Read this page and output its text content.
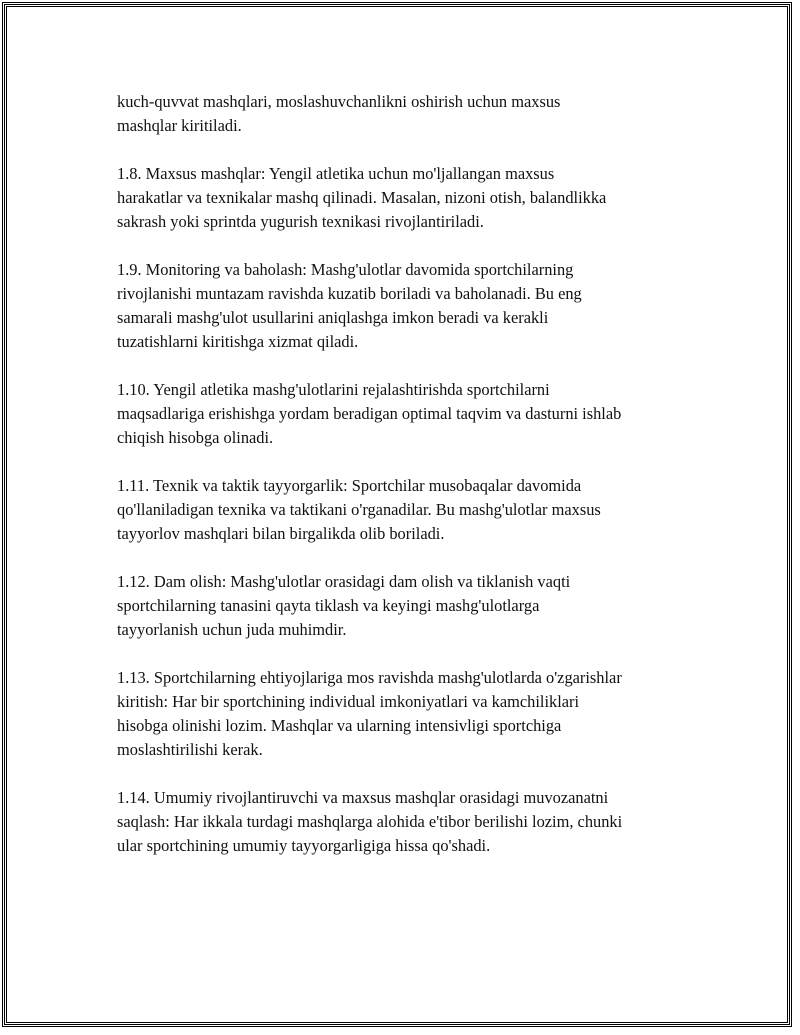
kuch-quvvat mashqlari, moslashuvchanlikni oshirish uchun maxsus
mashqlar kiritiladi.

1.8. Maxsus mashqlar: Yengil atletika uchun mo'ljallangan maxsus
harakatlar va texnikalar mashq qilinadi. Masalan, nizoni otish, balandlikka
sakrash yoki sprintda yugurish texnikasi rivojlantiriladi.

1.9. Monitoring va baholash: Mashg'ulotlar davomida sportchilarning
rivojlanishi muntazam ravishda kuzatib boriladi va baholanadi. Bu eng
samarali mashg'ulot usullarini aniqlashga imkon beradi va kerakli
tuzatishlarni kiritishga xizmat qiladi.

1.10. Yengil atletika mashg'ulotlarini rejalashtirishda sportchilarni
maqsadlariga erishishga yordam beradigan optimal taqvim va dasturni ishlab
chiqish hisobga olinadi.

1.11. Texnik va taktik tayyorgarlik: Sportchilar musobaqalar davomida
qo'llaniladigan texnika va taktikani o'rganadilar. Bu mashg'ulotlar maxsus
tayyorlov mashqlari bilan birgalikda olib boriladi.

1.12. Dam olish: Mashg'ulotlar orasidagi dam olish va tiklanish vaqti
sportchilarning tanasini qayta tiklash va keyingi mashg'ulotlarga
tayyorlanish uchun juda muhimdir.

1.13. Sportchilarning ehtiyojlariga mos ravishda mashg'ulotlarda o'zgarishlar
kiritish: Har bir sportchining individual imkoniyatlari va kamchiliklari
hisobga olinishi lozim. Mashqlar va ularning intensivligi sportchiga
moslashtirilishi kerak.

1.14. Umumiy rivojlantiruvchi va maxsus mashqlar orasidagi muvozanatni
saqlash: Har ikkala turdagi mashqlarga alohida e'tibor berilishi lozim, chunki
ular sportchining umumiy tayyorgarligiga hissa qo'shadi.
